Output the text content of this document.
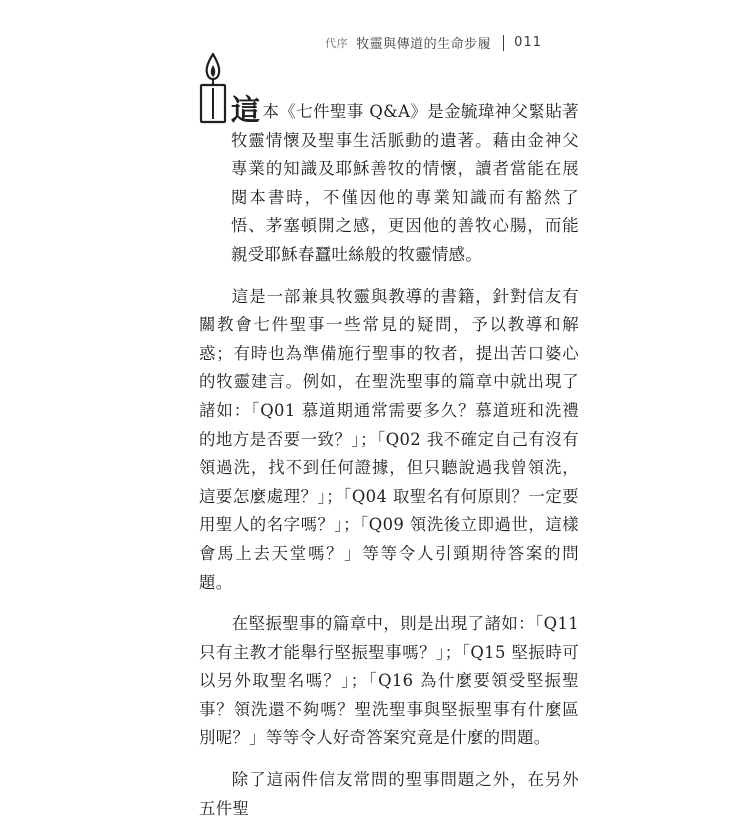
代序 牧靈與傳道的生命步履 011

這本《七件聖事 Q&A》是金毓瑋神父緊貼著牧靈情懷及聖事生活脈動的遺著。藉由金神父專業的知識及耶穌善牧的情懷，讀者當能在展閱本書時，不僅因他的專業知識而有豁然了悟、茅塞頓開之感，更因他的善牧心腸，而能親受耶穌春蠶吐絲般的牧靈情感。

這是一部兼具牧靈與教導的書籍，針對信友有關教會七件聖事一些常見的疑問，予以教導和解惑；有時也為準備施行聖事的牧者，提出苦口婆心的牧靈建言。例如，在聖洗聖事的篇章中就出現了諸如：「Q01 慕道期通常需要多久？慕道班和洗禮的地方是否要一致？」；「Q02 我不確定自己有沒有領過洗，找不到任何證據，但只聽說過我曾領洗，這要怎麼處理？」；「Q04 取聖名有何原則？一定要用聖人的名字嗎？」；「Q09 領洗後立即過世，這樣會馬上去天堂嗎？」等等令人引頸期待答案的問題。

在堅振聖事的篇章中，則是出現了諸如：「Q11 只有主教才能舉行堅振聖事嗎？」；「Q15 堅振時可以另外取聖名嗎？」；「Q16 為什麼要領受堅振聖事？領洗還不夠嗎？聖洗聖事與堅振聖事有什麼區別呢？」等等令人好奇答案究竟是什麼的問題。

除了這兩件信友常問的聖事問題之外，在另外五件聖
